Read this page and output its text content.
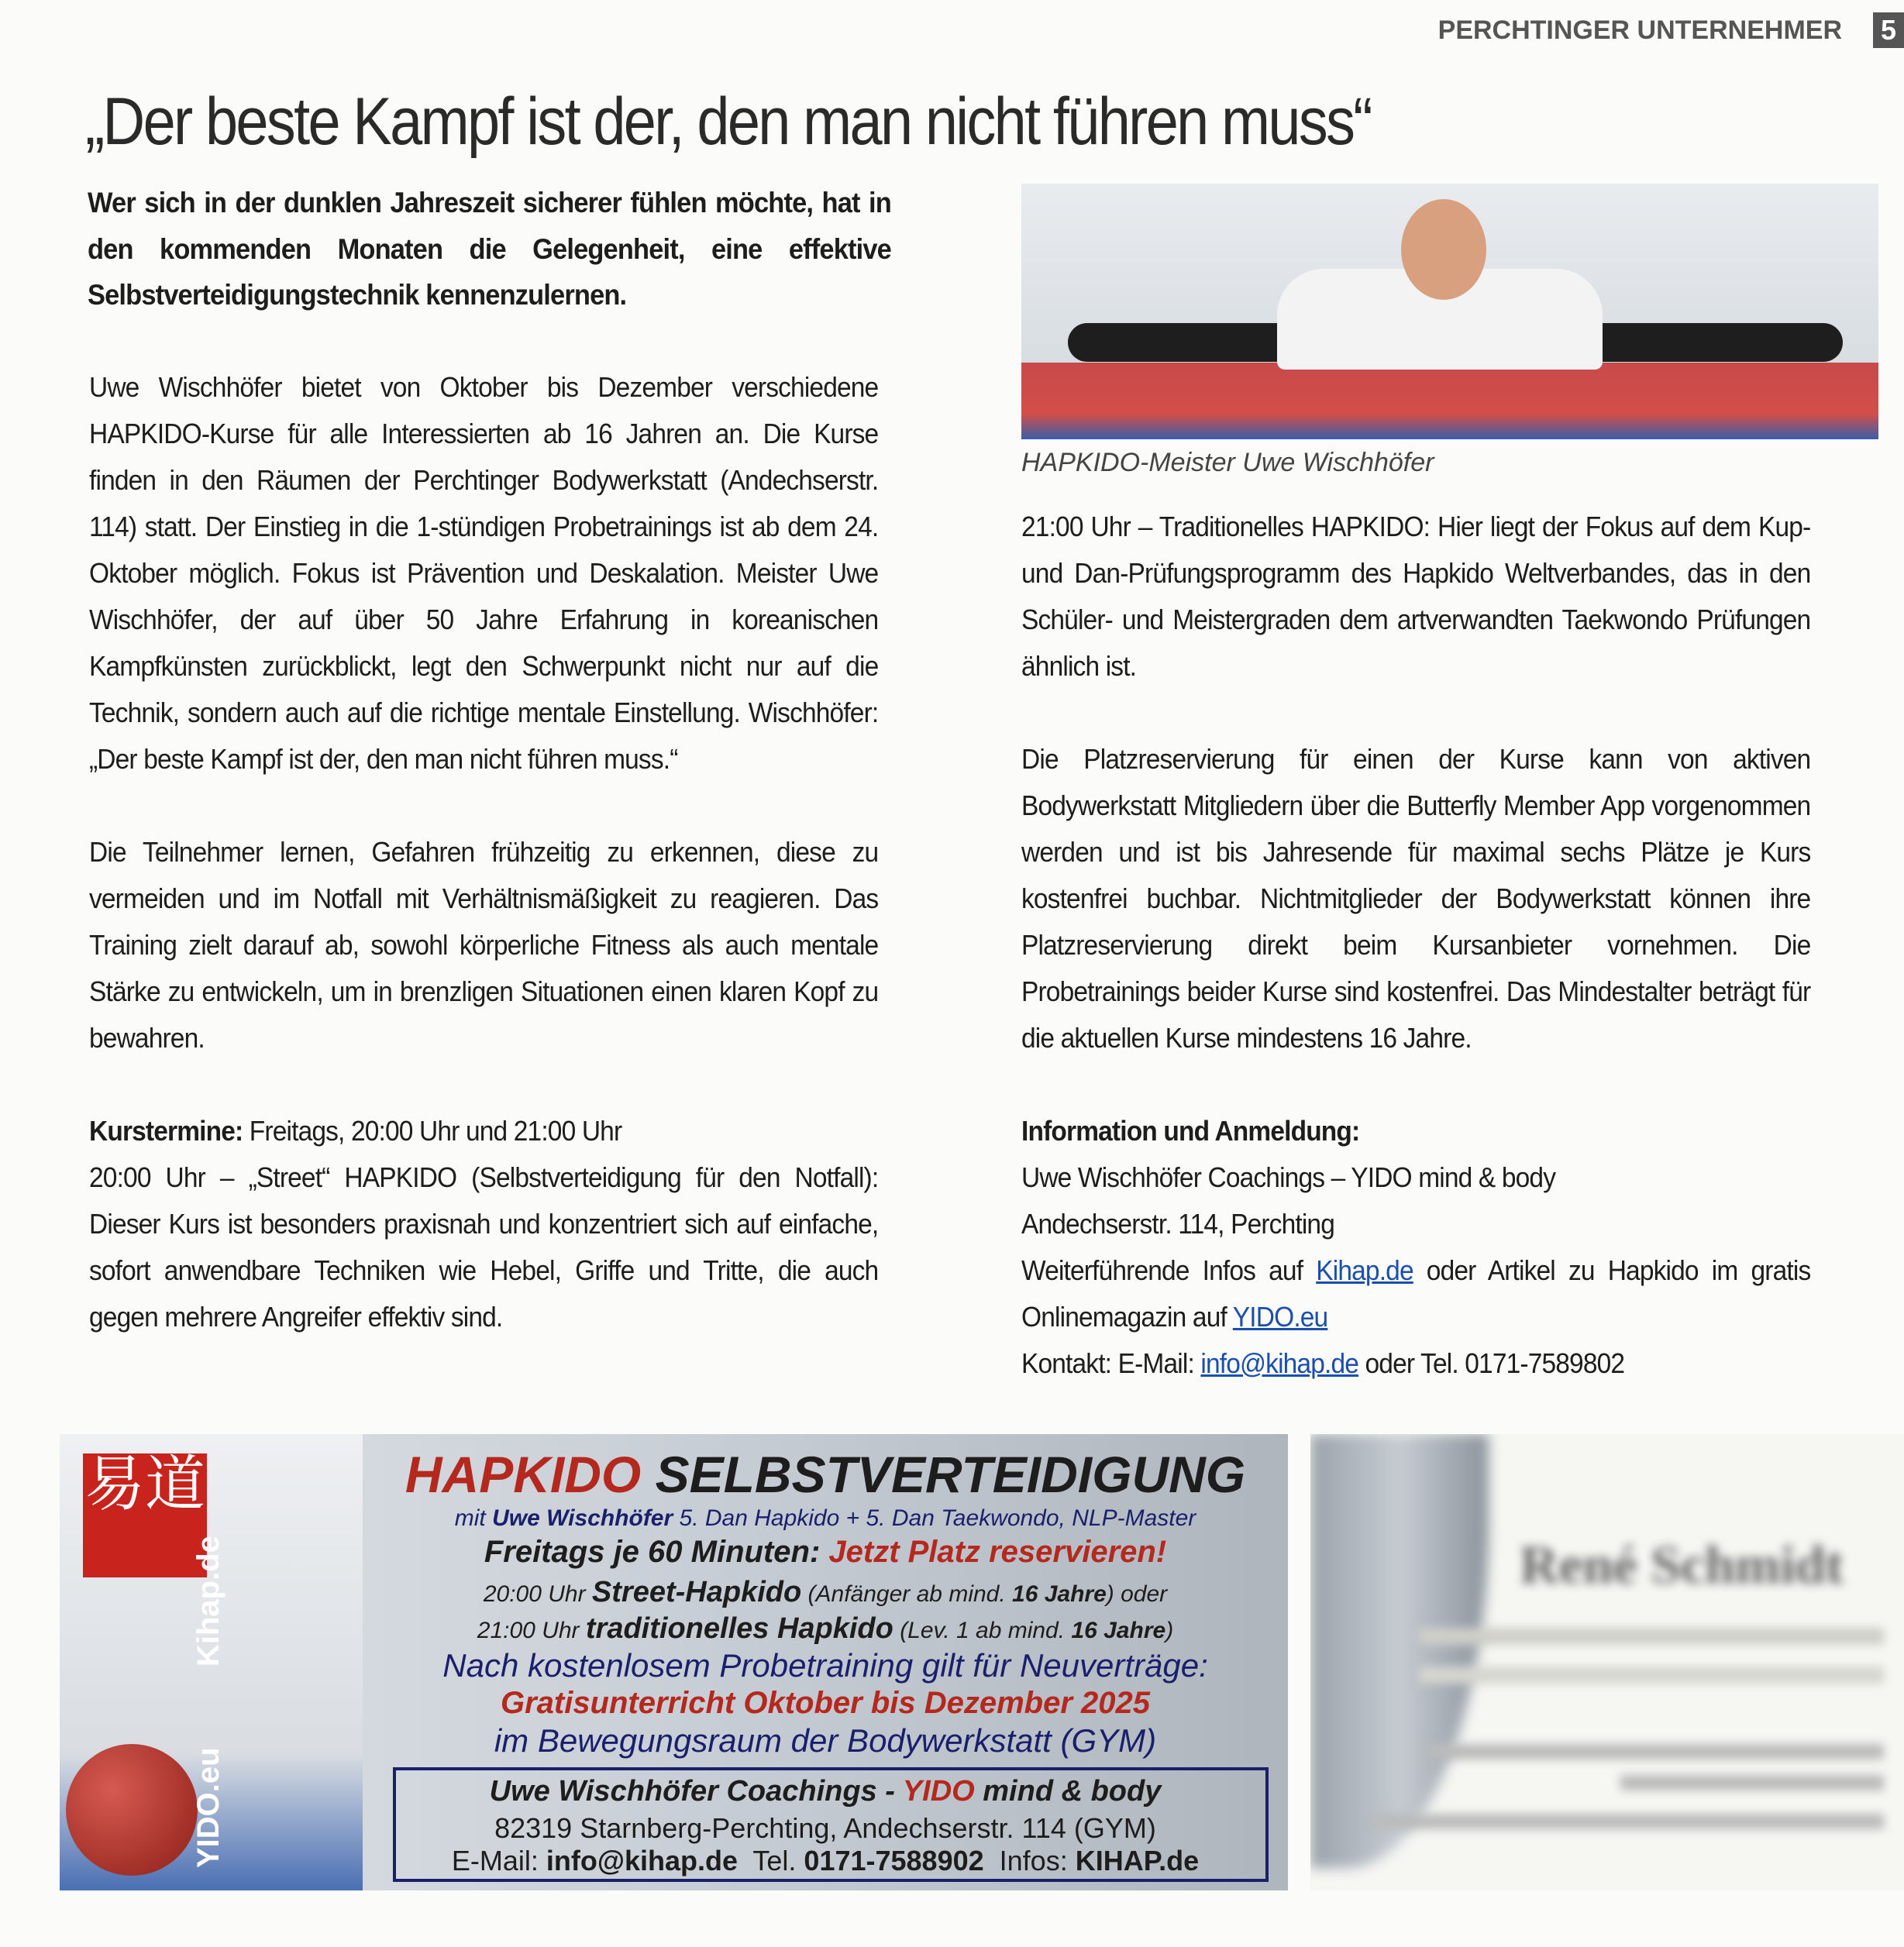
PERCHTINGER UNTERNEHMER 5
„Der beste Kampf ist der, den man nicht führen muss“
Wer sich in der dunklen Jahreszeit sicherer fühlen möchte, hat in den kommenden Monaten die Gelegenheit, eine effektive Selbstverteidigungstechnik kennenzulernen.

Uwe Wischhöfer bietet von Oktober bis Dezember verschiedene HAPKIDO-Kurse für alle Interessierten ab 16 Jahren an. Die Kurse finden in den Räumen der Perchtinger Bodywerkstatt (Andechserstr. 114) statt. Der Einstieg in die 1-stündigen Probetrainings ist ab dem 24. Oktober möglich. Fokus ist Prävention und Deskalation. Meister Uwe Wischhöfer, der auf über 50 Jahre Erfahrung in koreanischen Kampfkünsten zurückblickt, legt den Schwerpunkt nicht nur auf die Technik, sondern auch auf die richtige mentale Einstellung. Wischhöfer: „Der beste Kampf ist der, den man nicht führen muss.“

Die Teilnehmer lernen, Gefahren frühzeitig zu erkennen, diese zu vermeiden und im Notfall mit Verhältnismäßigkeit zu reagieren. Das Training zielt darauf ab, sowohl körperliche Fitness als auch mentale Stärke zu entwickeln, um in brenzligen Situationen einen klaren Kopf zu bewahren.

Kurstermine: Freitags, 20:00 Uhr und 21:00 Uhr

20:00 Uhr – „Street“ HAPKIDO (Selbstverteidigung für den Notfall): Dieser Kurs ist besonders praxisnah und konzentriert sich auf einfache, sofort anwendbare Techniken wie Hebel, Griffe und Tritte, die auch gegen mehrere Angreifer effektiv sind.

HAPKIDO-Meister Uwe Wischhöfer

21:00 Uhr – Traditionelles HAPKIDO: Hier liegt der Fokus auf dem Kup- und Dan-Prüfungsprogramm des Hapkido Weltverbandes, das in den Schüler- und Meistergraden dem artverwandten Taekwondo Prüfungen ähnlich ist.

Die Platzreservierung für einen der Kurse kann von aktiven Bodywerkstatt Mitgliedern über die Butterfly Member App vorgenommen werden und ist bis Jahresende für maximal sechs Plätze je Kurs kostenfrei buchbar. Nichtmitglieder der Bodywerkstatt können ihre Platzreservierung direkt beim Kursanbieter vornehmen. Die Probetrainings beider Kurse sind kostenfrei. Das Mindestalter beträgt für die aktuellen Kurse mindestens 16 Jahre.

Information und Anmeldung:
Uwe Wischhöfer Coachings – YIDO mind & body
Andechserstr. 114, Perchting
Weiterführende Infos auf Kihap.de oder Artikel zu Hapkido im gratis Onlinemagazin auf YIDO.eu
Kontakt: E-Mail: info@kihap.de oder Tel. 0171-7589802
易道
Kihap.de
YIDO.eu
HAPKIDO SELBSTVERTEIDIGUNG
mit Uwe Wischhöfer 5. Dan Hapkido + 5. Dan Taekwondo, NLP-Master
Freitags je 60 Minuten: Jetzt Platz reservieren!
20:00 Uhr Street-Hapkido (Anfänger ab mind. 16 Jahre) oder
21:00 Uhr traditionelles Hapkido (Lev. 1 ab mind. 16 Jahre)
Nach kostenlosem Probetraining gilt für Neuverträge:
Gratisunterricht Oktober bis Dezember 2025
im Bewegungsraum der Bodywerkstatt (GYM)
Uwe Wischhöfer Coachings - YIDO mind & body
82319 Starnberg-Perchting, Andechserstr. 114 (GYM)
E-Mail: info@kihap.de  Tel. 0171-7588902  Infos: KIHAP.de
René Schmidt
